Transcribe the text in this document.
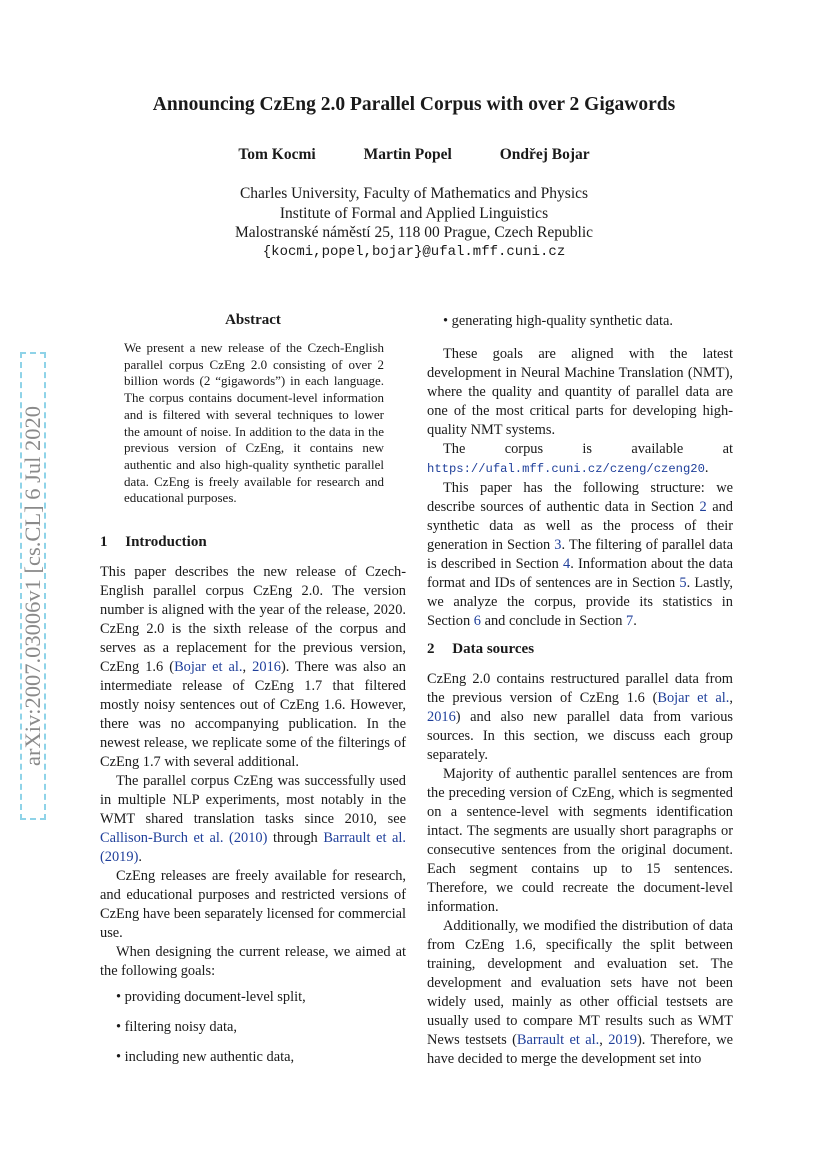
Announcing CzEng 2.0 Parallel Corpus with over 2 Gigawords
Tom Kocmi	Martin Popel	Ondřej Bojar
Charles University, Faculty of Mathematics and Physics
Institute of Formal and Applied Linguistics
Malostranské náměstí 25, 118 00 Prague, Czech Republic
{kocmi,popel,bojar}@ufal.mff.cuni.cz
arXiv:2007.03006v1 [cs.CL] 6 Jul 2020
Abstract
We present a new release of the Czech-English parallel corpus CzEng 2.0 consisting of over 2 billion words (2 “gigawords”) in each language. The corpus contains document-level information and is filtered with several techniques to lower the amount of noise. In addition to the data in the previous version of CzEng, it contains new authentic and also high-quality synthetic parallel data. CzEng is freely available for research and educational purposes.
1 Introduction

This paper describes the new release of Czech-English parallel corpus CzEng 2.0. The version number is aligned with the year of the release, 2020. CzEng 2.0 is the sixth release of the corpus and serves as a replacement for the previous version, CzEng 1.6 (Bojar et al., 2016). There was also an intermediate release of CzEng 1.7 that filtered mostly noisy sentences out of CzEng 1.6. However, there was no accompanying publication. In the newest release, we replicate some of the filterings of CzEng 1.7 with several additional.

The parallel corpus CzEng was successfully used in multiple NLP experiments, most notably in the WMT shared translation tasks since 2010, see Callison-Burch et al. (2010) through Barrault et al. (2019).

CzEng releases are freely available for research, and educational purposes and restricted versions of CzEng have been separately licensed for commercial use.

When designing the current release, we aimed at the following goals:

• providing document-level split,
• filtering noisy data,
• including new authentic data,
• generating high-quality synthetic data.

These goals are aligned with the latest development in Neural Machine Translation (NMT), where the quality and quantity of parallel data are one of the most critical parts for developing high-quality NMT systems.

The	corpus	is	available	at
https://ufal.mff.cuni.cz/czeng/czeng20.

This paper has the following structure: we describe sources of authentic data in Section 2 and synthetic data as well as the process of their generation in Section 3. The filtering of parallel data is described in Section 4. Information about the data format and IDs of sentences are in Section 5. Lastly, we analyze the corpus, provide its statistics in Section 6 and conclude in Section 7.

2 Data sources

CzEng 2.0 contains restructured parallel data from the previous version of CzEng 1.6 (Bojar et al., 2016) and also new parallel data from various sources. In this section, we discuss each group separately.

Majority of authentic parallel sentences are from the preceding version of CzEng, which is segmented on a sentence-level with segments identification intact. The segments are usually short paragraphs or consecutive sentences from the original document. Each segment contains up to 15 sentences. Therefore, we could recreate the document-level information.

Additionally, we modified the distribution of data from CzEng 1.6, specifically the split between training, development and evaluation set. The development and evaluation sets have not been widely used, mainly as other official testsets are usually used to compare MT results such as WMT News testsets (Barrault et al., 2019). Therefore, we have decided to merge the development set into
